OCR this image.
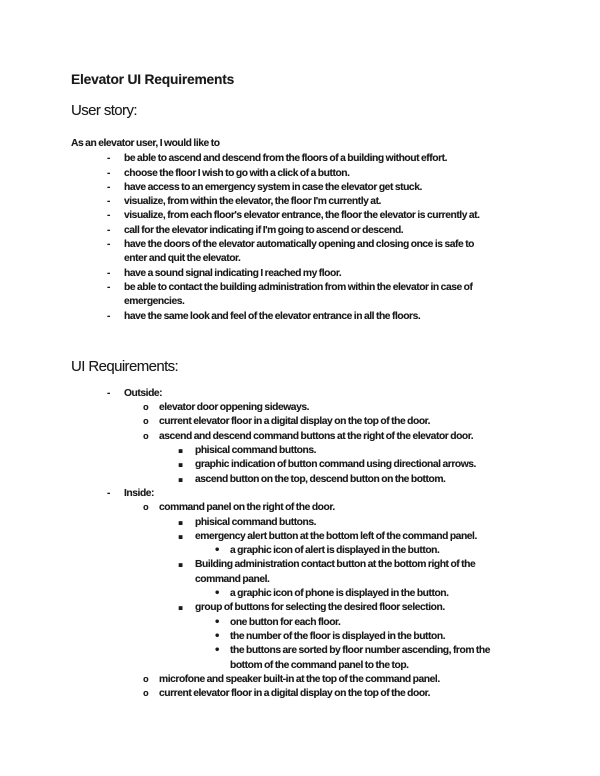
Elevator UI Requirements
User story:
As an elevator user, I would like to
- be able to ascend and descend from the floors of a building without effort.
- choose the floor I wish to go with a click of a button.
- have access to an emergency system in case the elevator get stuck.
- visualize, from within the elevator, the floor I'm currently at.
- visualize, from each floor's elevator entrance, the floor the elevator is currently at.
- call for the elevator indicating if I'm going to ascend or descend.
- have the doors of the elevator automatically opening and closing once is safe to
enter and quit the elevator.
- have a sound signal indicating I reached my floor.
- be able to contact the building administration from within the elevator in case of
emergencies.
- have the same look and feel of the elevator entrance in all the floors.
UI Requirements:
- Outside:
o elevator door oppening sideways.
o current elevator floor in a digital display on the top of the door.
o ascend and descend command buttons at the right of the elevator door.
▪ phisical command buttons.
▪ graphic indication of button command using directional arrows.
▪ ascend button on the top, descend button on the bottom.
- Inside:
o command panel on the right of the door.
▪ phisical command buttons.
▪ emergency alert button at the bottom left of the command panel.
• a graphic icon of alert is displayed in the button.
▪ Building administration contact button at the bottom right of the
command panel.
• a graphic icon of phone is displayed in the button.
▪ group of buttons for selecting the desired floor selection.
• one button for each floor.
• the number of the floor is displayed in the button.
• the buttons are sorted by floor number ascending, from the
bottom of the command panel to the top.
o microfone and speaker built-in at the top of the command panel.
o current elevator floor in a digital display on the top of the door.
